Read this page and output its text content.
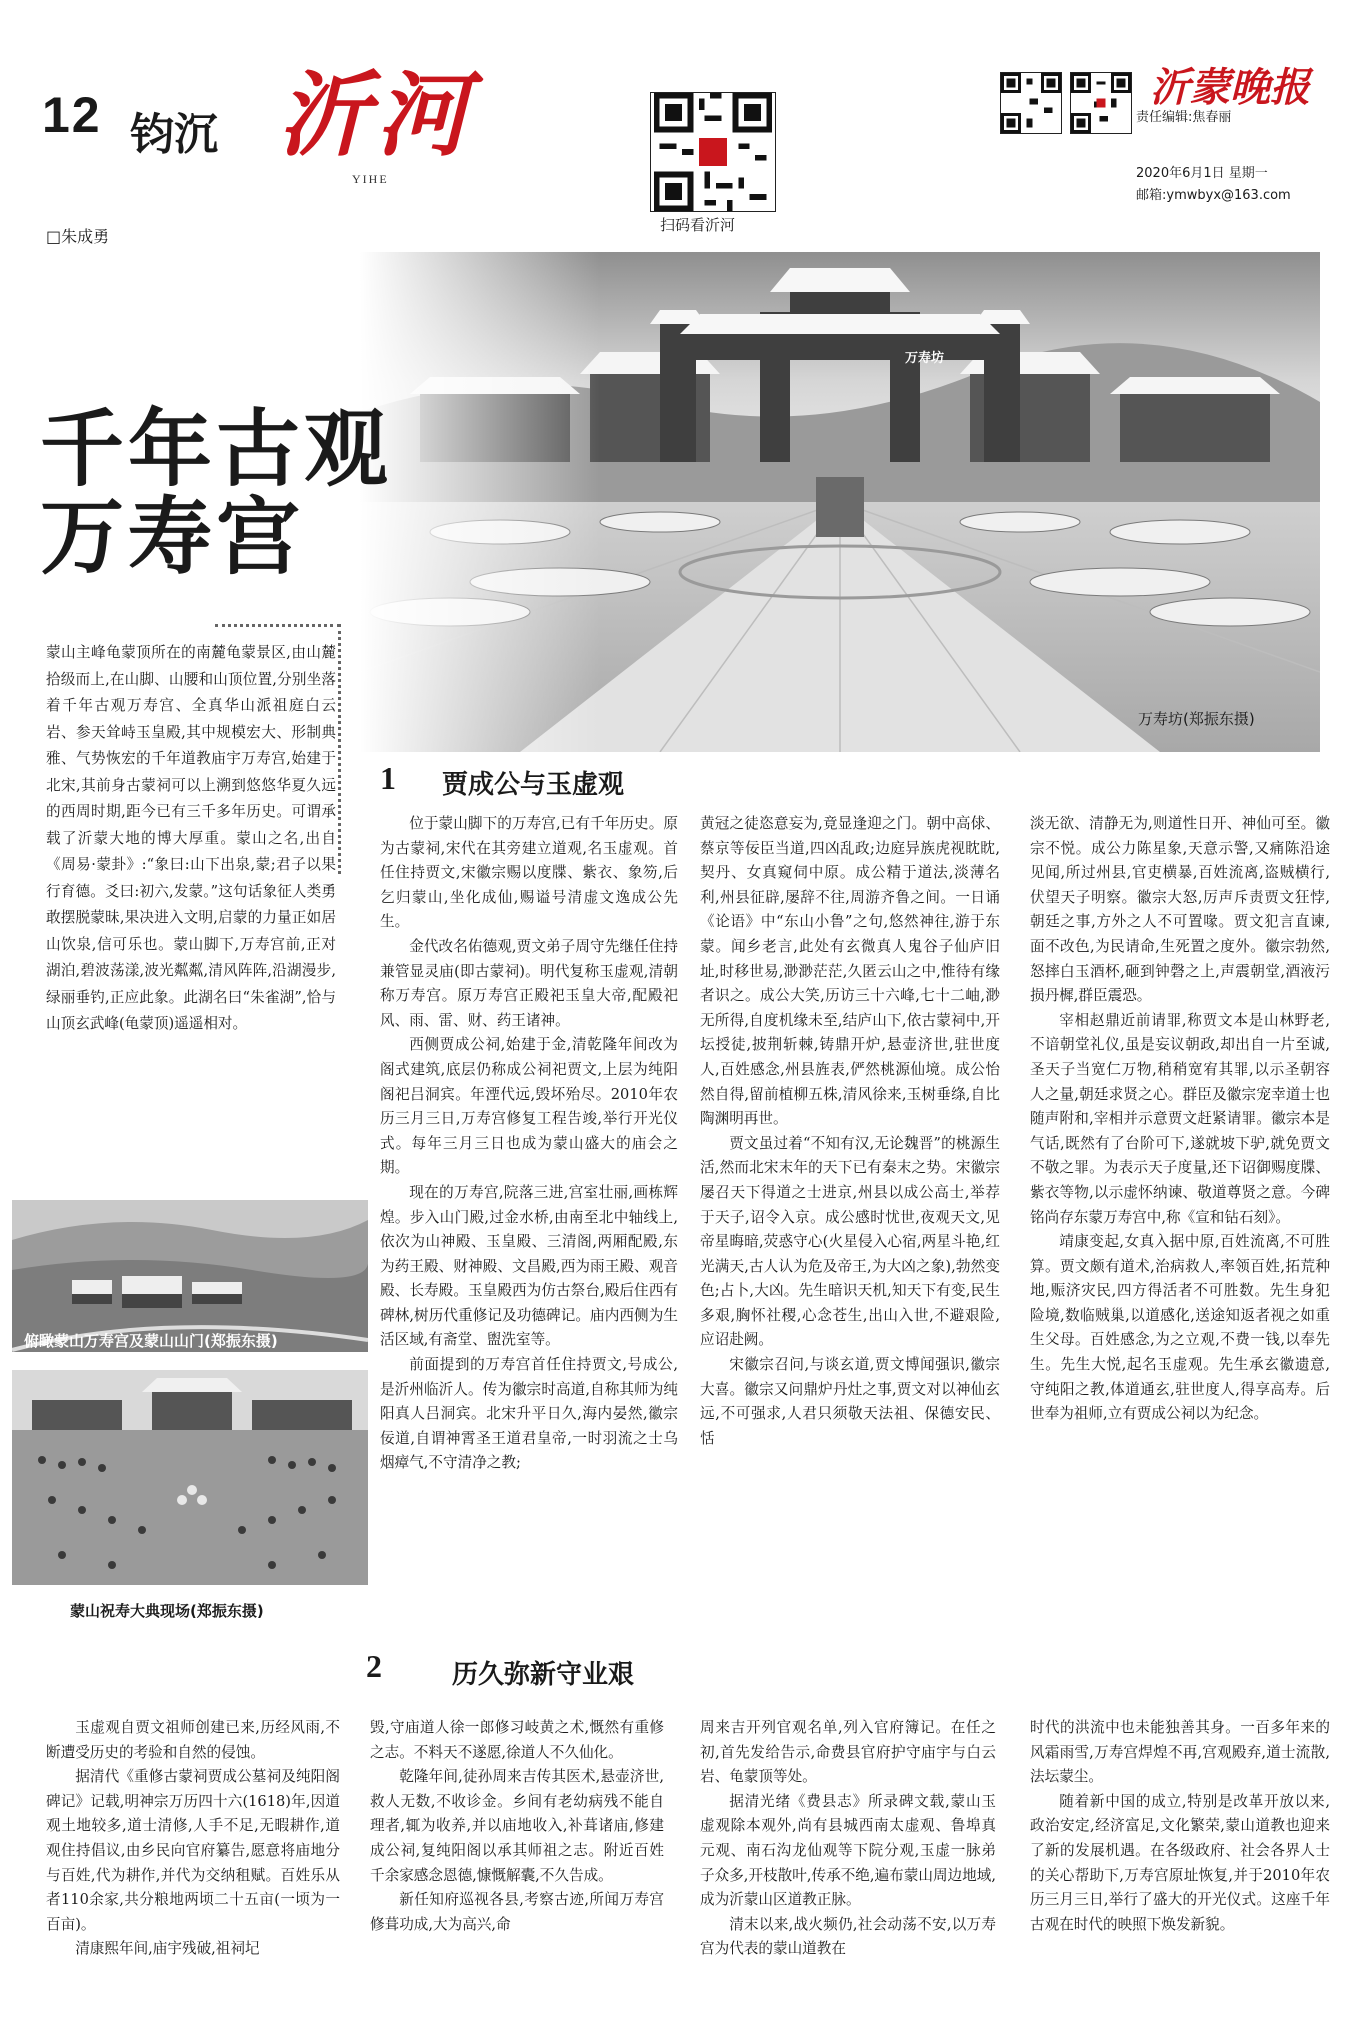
12 钧沉 沂河
YIHE
□朱成勇
扫码看沂河
沂蒙晚报
责任编辑:焦春丽
2020年6月1日 星期一
邮箱:ymwbyx@163.com
万寿坊
万寿坊(郑振东摄)
千年古观
万寿宫
蒙山主峰龟蒙顶所在的南麓龟蒙景区,由山麓拾级而上,在山脚、山腰和山顶位置,分别坐落着千年古观万寿宫、全真华山派祖庭白云岩、参天耸峙玉皇殿,其中规模宏大、形制典雅、气势恢宏的千年道教庙宇万寿宫,始建于北宋,其前身古蒙祠可以上溯到悠悠华夏久远的西周时期,距今已有三千多年历史。可谓承载了沂蒙大地的博大厚重。蒙山之名,出自《周易·蒙卦》:“象曰:山下出泉,蒙;君子以果行育德。爻曰:初六,发蒙。”这句话象征人类勇敢摆脱蒙昧,果决进入文明,启蒙的力量正如居山饮泉,信可乐也。蒙山脚下,万寿宫前,正对湖泊,碧波荡漾,波光粼粼,清风阵阵,沿湖漫步,绿丽垂钓,正应此象。此湖名曰“朱雀湖”,恰与山顶玄武峰(龟蒙顶)遥遥相对。
俯瞰蒙山万寿宫及蒙山山门(郑振东摄)
蒙山祝寿大典现场(郑振东摄)
1 贾成公与玉虚观

位于蒙山脚下的万寿宫,已有千年历史。原为古蒙祠,宋代在其旁建立道观,名玉虚观。首任住持贾文,宋徽宗赐以度牒、紫衣、象笏,后乞归蒙山,坐化成仙,赐谥号清虚文逸成公先生。

金代改名佑德观,贾文弟子周守先继任住持兼管显灵庙(即古蒙祠)。明代复称玉虚观,清朝称万寿宫。原万寿宫正殿祀玉皇大帝,配殿祀风、雨、雷、财、药王诸神。

西侧贾成公祠,始建于金,清乾隆年间改为阁式建筑,底层仍称成公祠祀贾文,上层为纯阳阁祀吕洞宾。年湮代远,毁坏殆尽。2010年农历三月三日,万寿宫修复工程告竣,举行开光仪式。每年三月三日也成为蒙山盛大的庙会之期。

现在的万寿宫,院落三进,宫室壮丽,画栋辉煌。步入山门殿,过金水桥,由南至北中轴线上,依次为山神殿、玉皇殿、三清阁,两厢配殿,东为药王殿、财神殿、文昌殿,西为雨王殿、观音殿、长寿殿。玉皇殿西为仿古祭台,殿后住西有碑林,树历代重修记及功德碑记。庙内西侧为生活区域,有斋堂、盥洗室等。

前面提到的万寿宫首任住持贾文,号成公,是沂州临沂人。传为徽宗时高道,自称其师为纯阳真人吕洞宾。北宋升平日久,海内晏然,徽宗佞道,自谓神霄圣王道君皇帝,一时羽流之士乌烟瘴气,不守清净之教;

黄冠之徒恣意妄为,竟显逢迎之门。朝中高俅、蔡京等佞臣当道,四凶乱政;边庭异族虎视眈眈,契丹、女真窥伺中原。成公精于道法,淡薄名利,州县征辟,屡辞不往,周游齐鲁之间。一日诵《论语》中“东山小鲁”之句,悠然神往,游于东蒙。闻乡老言,此处有玄微真人鬼谷子仙庐旧址,时移世易,渺渺茫茫,久匿云山之中,惟待有缘者识之。成公大笑,历访三十六峰,七十二岫,渺无所得,自度机缘未至,结庐山下,依古蒙祠中,开坛授徒,披荆斩棘,铸鼎开炉,悬壶济世,驻世度人,百姓感念,州县旌表,俨然桃源仙境。成公怡然自得,留前植柳五株,清风徐来,玉树垂绦,自比陶渊明再世。

贾文虽过着“不知有汉,无论魏晋”的桃源生活,然而北宋末年的天下已有秦末之势。宋徽宗屡召天下得道之士进京,州县以成公高士,举荐于天子,诏令入京。成公感时忧世,夜观天文,见帝星晦暗,荧惑守心(火星侵入心宿,两星斗艳,红光满天,古人认为危及帝王,为大凶之象),勃然变色;占卜,大凶。先生暗识天机,知天下有变,民生多艰,胸怀社稷,心念苍生,出山入世,不避艰险,应诏赴阙。

宋徽宗召问,与谈玄道,贾文博闻强识,徽宗大喜。徽宗又问鼎炉丹灶之事,贾文对以神仙玄远,不可强求,人君只须敬天法祖、保德安民、恬

淡无欲、清静无为,则道性日开、神仙可至。徽宗不悦。成公力陈星象,天意示警,又痛陈沿途见闻,所过州县,官吏横暴,百姓流离,盗贼横行,伏望天子明察。徽宗大怒,厉声斥责贾文狂悖,朝廷之事,方外之人不可置喙。贾文犯言直谏,面不改色,为民请命,生死置之度外。徽宗勃然,怒摔白玉酒杯,砸到钟磬之上,声震朝堂,酒液污损丹樨,群臣震恐。

宰相赵鼎近前请罪,称贾文本是山林野老,不谙朝堂礼仪,虽是妄议朝政,却出自一片至诚,圣天子当宽仁万物,稍稍宽宥其罪,以示圣朝容人之量,朝廷求贤之心。群臣及徽宗宠幸道士也随声附和,宰相并示意贾文赶紧请罪。徽宗本是气话,既然有了台阶可下,遂就坡下驴,就免贾文不敬之罪。为表示天子度量,还下诏御赐度牒、紫衣等物,以示虚怀纳谏、敬道尊贤之意。今碑铭尚存东蒙万寿宫中,称《宣和钻石刻》。

靖康变起,女真入据中原,百姓流离,不可胜算。贾文颇有道术,治病救人,率领百姓,拓荒种地,赈济灾民,四方得活者不可胜数。先生身犯险境,数临贼巢,以道感化,送途知返者视之如重生父母。百姓感念,为之立观,不费一钱,以奉先生。先生大悦,起名玉虚观。先生承玄徽遗意,守纯阳之教,体道通玄,驻世度人,得享高寿。后世奉为祖师,立有贾成公祠以为纪念。

2	历久弥新守业艰

玉虚观自贾文祖师创建已来,历经风雨,不断遭受历史的考验和自然的侵蚀。

据清代《重修古蒙祠贾成公墓祠及纯阳阁碑记》记载,明神宗万历四十六(1618)年,因道观土地较多,道士清修,人手不足,无暇耕作,道观住持倡议,由乡民向官府纂告,愿意将庙地分与百姓,代为耕作,并代为交纳租赋。百姓乐从者110余家,共分粮地两顷二十五亩(一顷为一百亩)。

清康熙年间,庙宇残破,祖祠圮

毁,守庙道人徐一郎修习岐黄之术,慨然有重修之志。不料天不遂愿,徐道人不久仙化。

乾隆年间,徒孙周来吉传其医术,悬壶济世,救人无数,不收诊金。乡间有老幼病残不能自理者,辄为收养,并以庙地收入,补葺诸庙,修建成公祠,复纯阳阁以承其师祖之志。附近百姓千余家感念恩德,慷慨解囊,不久告成。

新任知府巡视各县,考察古迹,所闻万寿宫修葺功成,大为高兴,命

周来吉开列官观名单,列入官府簿记。在任之初,首先发给告示,命费县官府护守庙宇与白云岩、龟蒙顶等处。

据清光绪《费县志》所录碑文载,蒙山玉虚观除本观外,尚有县城西南太虚观、鲁埠真元观、南石沟龙仙观等下院分观,玉虚一脉弟子众多,开枝散叶,传承不绝,遍布蒙山周边地域,成为沂蒙山区道教正脉。

清末以来,战火频仍,社会动荡不安,以万寿宫为代表的蒙山道教在

时代的洪流中也未能独善其身。一百多年来的风霜雨雪,万寿宫焊煌不再,宫观殿弃,道士流散,法坛蒙尘。

随着新中国的成立,特别是改革开放以来,政治安定,经济富足,文化繁荣,蒙山道教也迎来了新的发展机遇。在各级政府、社会各界人士的关心帮助下,万寿宫原址恢复,并于2010年农历三月三日,举行了盛大的开光仪式。这座千年古观在时代的映照下焕发新貌。
